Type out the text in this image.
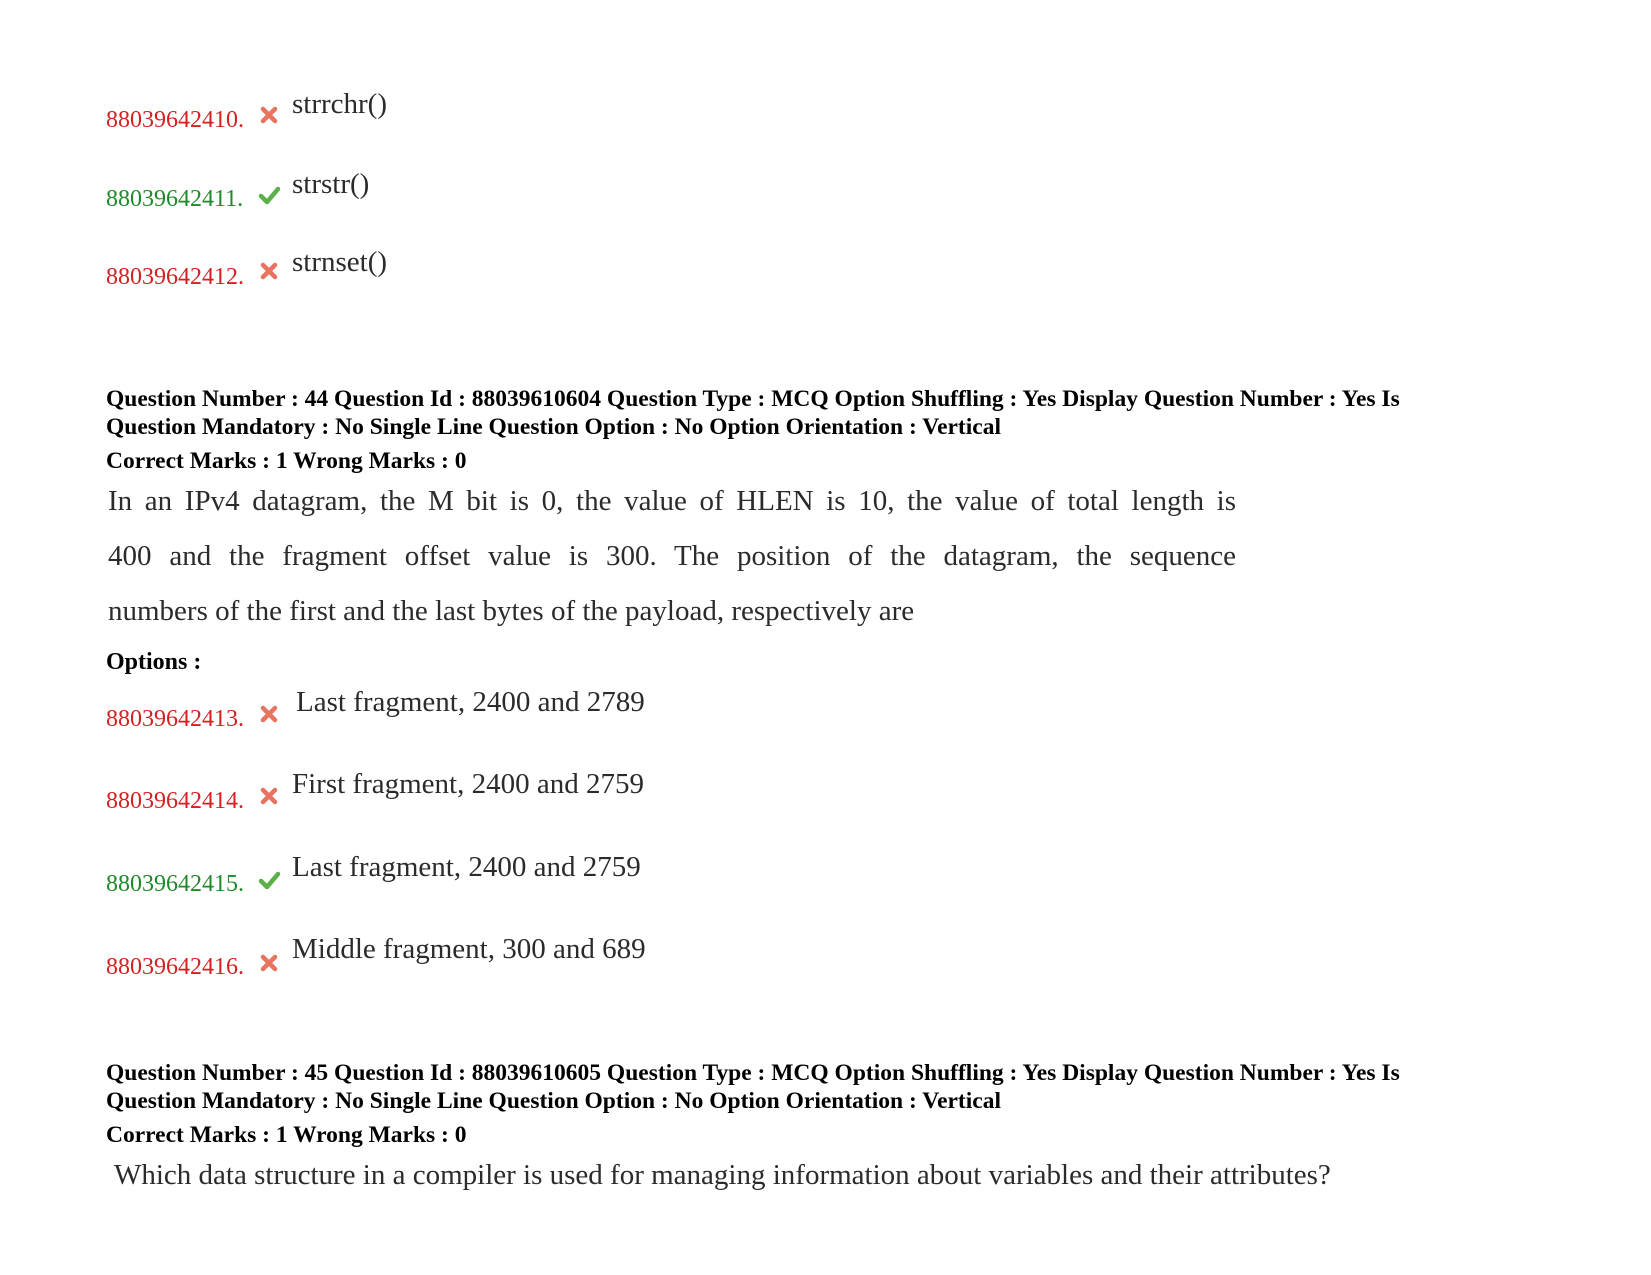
88039642410. strrchr()
88039642411. strstr()
88039642412. strnset()
Question Number : 44 Question Id : 88039610604 Question Type : MCQ Option Shuffling : Yes Display Question Number : Yes Is
Question Mandatory : No Single Line Question Option : No Option Orientation : Vertical
Correct Marks : 1 Wrong Marks : 0
In an IPv4 datagram, the M bit is 0, the value of HLEN is 10, the value of total length is
400 and the fragment offset value is 300. The position of the datagram, the sequence
numbers of the first and the last bytes of the payload, respectively are
Options :
88039642413.
Last fragment, 2400 and 2789
88039642414.
First fragment, 2400 and 2759
88039642415.
Last fragment, 2400 and 2759
88039642416.
Middle fragment, 300 and 689
Question Number : 45 Question Id : 88039610605 Question Type : MCQ Option Shuffling : Yes Display Question Number : Yes Is
Question Mandatory : No Single Line Question Option : No Option Orientation : Vertical
Correct Marks : 1 Wrong Marks : 0
Which data structure in a compiler is used for managing information about variables and their attributes?
